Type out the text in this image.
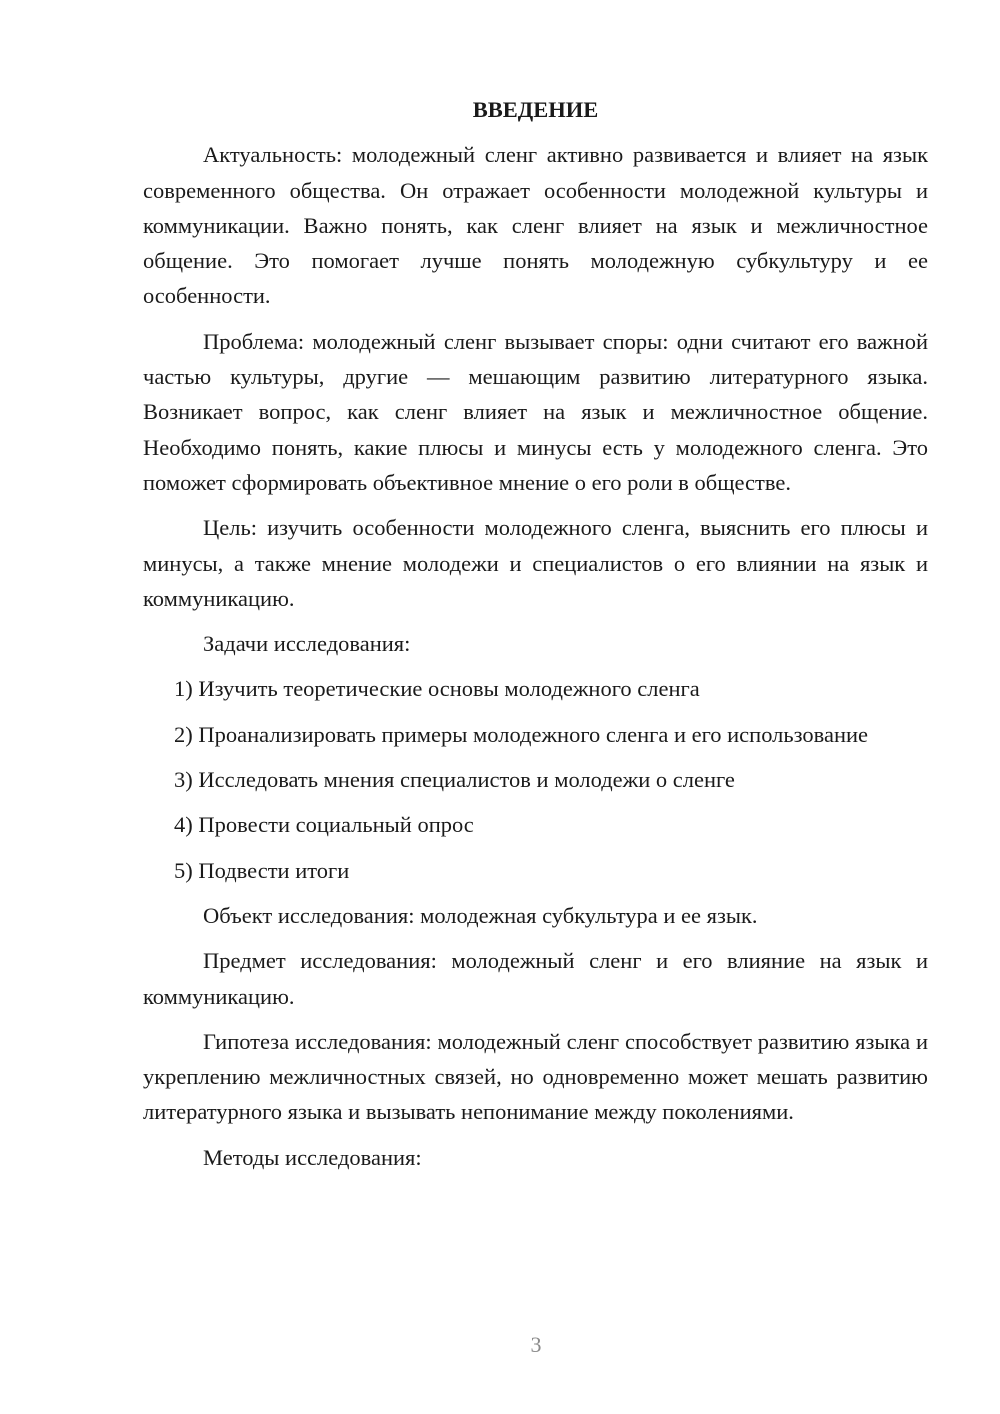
ВВЕДЕНИЕ

Актуальность: молодежный сленг активно развивается и влияет на язык современного общества. Он отражает особенности молодежной культуры и коммуникации. Важно понять, как сленг влияет на язык и межличностное общение. Это помогает лучше понять молодежную субкультуру и ее особенности.

Проблема: молодежный сленг вызывает споры: одни считают его важной частью культуры, другие — мешающим развитию литературного языка. Возникает вопрос, как сленг влияет на язык и межличностное общение. Необходимо понять, какие плюсы и минусы есть у молодежного сленга. Это поможет сформировать объективное мнение о его роли в обществе.

Цель: изучить особенности молодежного сленга, выяснить его плюсы и минусы, а также мнение молодежи и специалистов о его влиянии на язык и коммуникацию.

Задачи исследования:

1) Изучить теоретические основы молодежного сленга

2) Проанализировать примеры молодежного сленга и его использование

3) Исследовать мнения специалистов и молодежи о сленге

4) Провести социальный опрос

5) Подвести итоги

Объект исследования: молодежная субкультура и ее язык.

Предмет исследования: молодежный сленг и его влияние на язык и коммуникацию.

Гипотеза исследования: молодежный сленг способствует развитию языка и укреплению межличностных связей, но одновременно может мешать развитию литературного языка и вызывать непонимание между поколениями.

Методы исследования:

3
